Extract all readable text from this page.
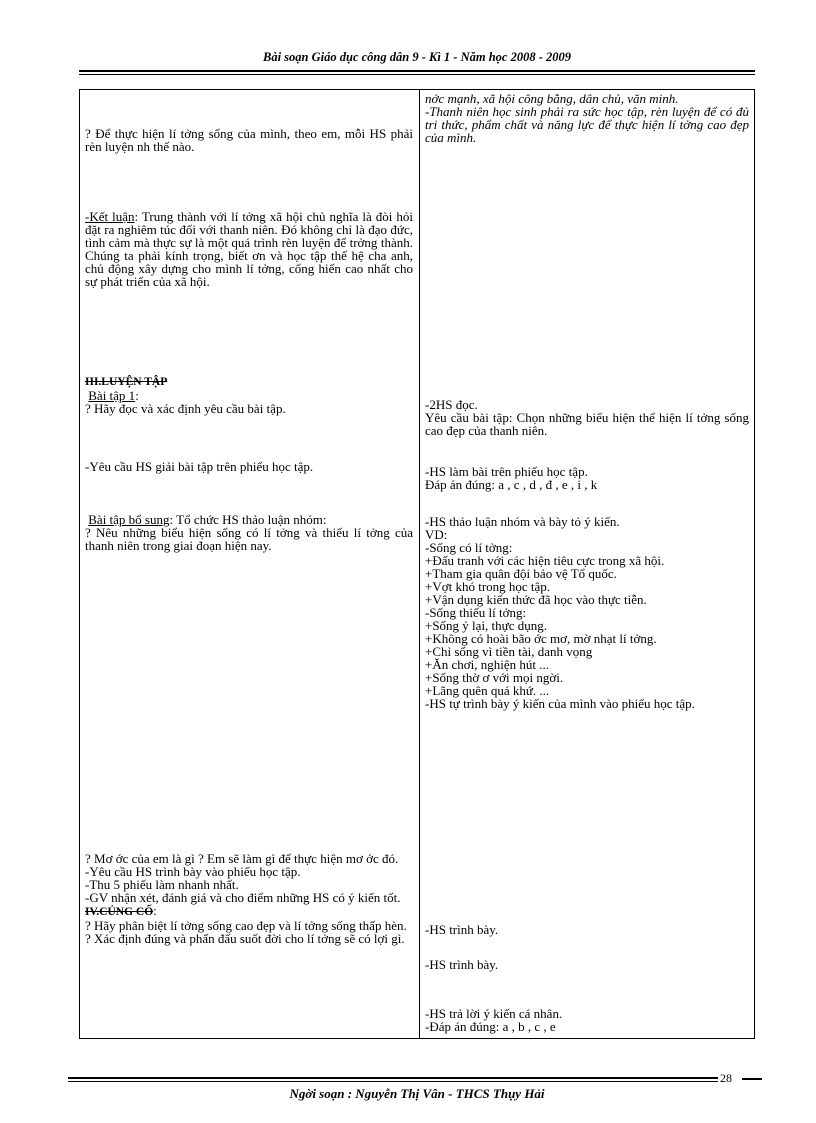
Bài soạn Giáo dục công dân 9 - Kì 1 - Năm học 2008 - 2009
nớc mạnh, xã hội công bằng, dân chủ, văn minh.
-Thanh niên học sinh phải ra sức học tập, rèn luyện để có đủ tri thức, phẩm chất và năng lực để thực hiện lí tởng cao đẹp của mình.
? Để thực hiện lí tởng sống của mình, theo em, mỗi HS phải rèn luyện nh thế nào.
-Kết luận: Trung thành với lí tởng xã hội chủ nghĩa là đòi hỏi đặt ra nghiêm túc đối với thanh niên. Đó không chỉ là đạo đức, tình cảm mà thực sự là một quá trình rèn luyện để trởng thành. Chúng ta phải kính trọng, biết ơn và học tập thế hệ cha anh, chủ động xây dựng cho mình lí tởng, cống hiến cao nhất cho sự phát triển của xã hội.
III.LUYỆN TẬP
Bài tập 1:
? Hãy đọc và xác định yêu cầu bài tập.
-Yêu cầu HS giải bài tập trên phiếu học tập.
Bài tập bổ sung: Tổ chức HS thảo luận nhóm:
? Nêu những biểu hiện sống có lí tởng và thiếu lí tởng của thanh niên trong giai đoạn hiện nay.
? Mơ ớc của em là gì ? Em sẽ làm gì để thực hiện mơ ớc đó.
-Yêu cầu HS trình bày vào phiếu học tập.
-Thu 5 phiếu làm nhanh nhất.
-GV nhận xét, đánh giá và cho điểm những HS có ý kiến tốt.
IV.CỦNG CỐ:
? Hãy phân biệt lí tởng sống cao đẹp và lí tởng sống thấp hèn.
? Xác định đúng và phấn đấu suốt đời cho lí tởng sẽ có lợi gì.
-2HS đọc.
Yêu cầu bài tập: Chọn những biểu hiện thể hiện lí tởng sống cao đẹp của thanh niên.
-HS làm bài trên phiếu học tập.
Đáp án đúng: a , c , d , đ , e , i , k
-HS thảo luận nhóm và bày tỏ ý kiến.
VD:
-Sống có lí tởng:
+Đấu tranh với các hiện tiêu cực trong xã hội.
+Tham gia quân đội bảo vệ Tổ quốc.
+Vợt khó trong học tập.
+Vận dụng kiến thức đã học vào thực tiễn.
-Sống thiếu lí tởng:
+Sống ỷ lại, thực dụng.
+Không có hoài bão ớc mơ, mờ nhạt lí tởng.
+Chỉ sống vì tiền tài, danh vọng
+Ăn chơi, nghiện hút ...
+Sống thờ ơ với mọi ngời.
+Lãng quên quá khứ. ...
-HS tự trình bày ý kiến của mình vào phiếu học tập.
-HS trình bày.
-HS trình bày.
-HS trả lời ý kiến cá nhân.
-Đáp án đúng: a , b , c , e
28
Ngời soạn : Nguyễn Thị Vân - THCS Thụy Hải
